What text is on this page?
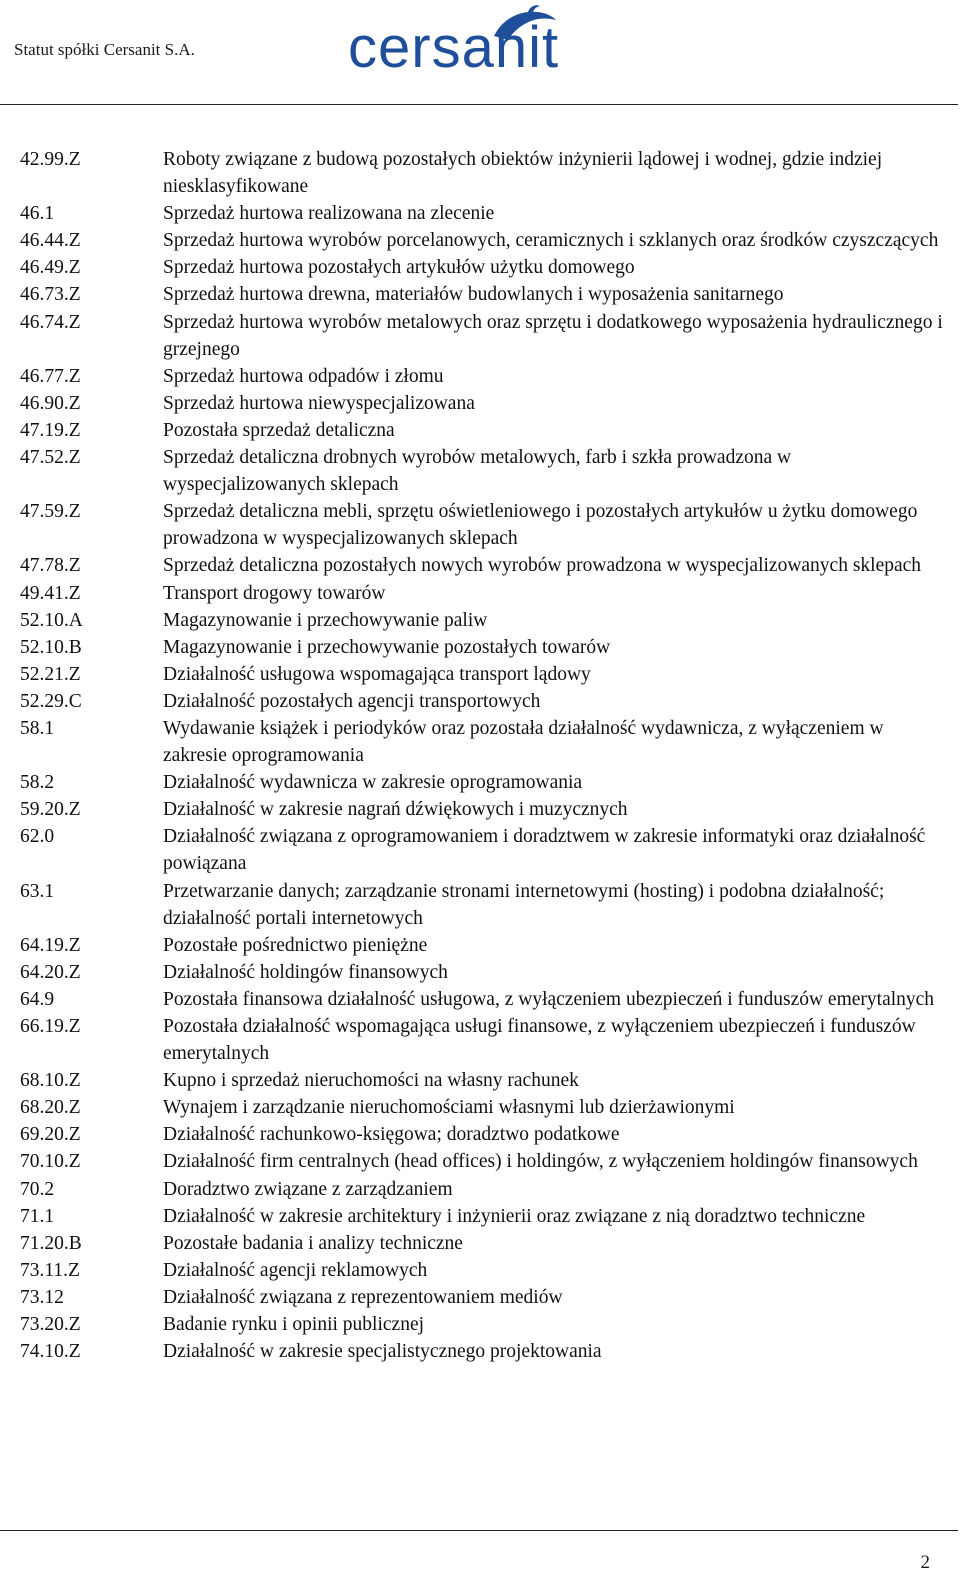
Statut spółki Cersanit S.A.	cersanit
42.99.Z	Roboty związane z budową pozostałych obiektów inżynierii lądowej i wodnej, gdzie indziej niesklasyfikowane
46.1	Sprzedaż hurtowa realizowana na zlecenie
46.44.Z	Sprzedaż hurtowa wyrobów porcelanowych, ceramicznych i szklanych oraz środków czyszczących
46.49.Z	Sprzedaż hurtowa pozostałych artykułów użytku domowego
46.73.Z	Sprzedaż hurtowa drewna, materiałów budowlanych i wyposażenia sanitarnego
46.74.Z	Sprzedaż hurtowa wyrobów metalowych oraz sprzętu i dodatkowego wyposażenia hydraulicznego i grzejnego
46.77.Z	Sprzedaż hurtowa odpadów i złomu
46.90.Z	Sprzedaż hurtowa niewyspecjalizowana
47.19.Z	Pozostała sprzedaż detaliczna
47.52.Z	Sprzedaż detaliczna drobnych wyrobów metalowych, farb i szkła prowadzona w wyspecjalizowanych sklepach
47.59.Z	Sprzedaż detaliczna mebli, sprzętu oświetleniowego i pozostałych artykułów u żytku domowego prowadzona w wyspecjalizowanych sklepach
47.78.Z	Sprzedaż detaliczna pozostałych nowych wyrobów prowadzona w wyspecjalizowanych sklepach
49.41.Z	Transport drogowy towarów
52.10.A	Magazynowanie i przechowywanie paliw
52.10.B	Magazynowanie i przechowywanie pozostałych towarów
52.21.Z	Działalność usługowa wspomagająca transport lądowy
52.29.C	Działalność pozostałych agencji transportowych
58.1	Wydawanie książek i periodyków oraz pozostała działalność wydawnicza, z wyłączeniem w zakresie oprogramowania
58.2	Działalność wydawnicza w zakresie oprogramowania
59.20.Z	Działalność w zakresie nagrań dźwiękowych i muzycznych
62.0	Działalność związana z oprogramowaniem i doradztwem w zakresie informatyki oraz działalność powiązana
63.1	Przetwarzanie danych; zarządzanie stronami internetowymi (hosting) i podobna działalność; działalność portali internetowych
64.19.Z	Pozostałe pośrednictwo pieniężne
64.20.Z	Działalność holdingów finansowych
64.9	Pozostała finansowa działalność usługowa, z wyłączeniem ubezpieczeń i funduszów emerytalnych
66.19.Z	Pozostała działalność wspomagająca usługi finansowe, z wyłączeniem ubezpieczeń i funduszów emerytalnych
68.10.Z	Kupno i sprzedaż nieruchomości na własny rachunek
68.20.Z	Wynajem i zarządzanie nieruchomościami własnymi lub dzierżawionymi
69.20.Z	Działalność rachunkowo-księgowa; doradztwo podatkowe
70.10.Z	Działalność firm centralnych (head offices) i holdingów, z wyłączeniem holdingów finansowych
70.2	Doradztwo związane z zarządzaniem
71.1	Działalność w zakresie architektury i inżynierii oraz związane z nią doradztwo techniczne
71.20.B	Pozostałe badania i analizy techniczne
73.11.Z	Działalność agencji reklamowych
73.12	Działalność związana z reprezentowaniem mediów
73.20.Z	Badanie rynku i opinii publicznej
74.10.Z	Działalność w zakresie specjalistycznego projektowania
2
